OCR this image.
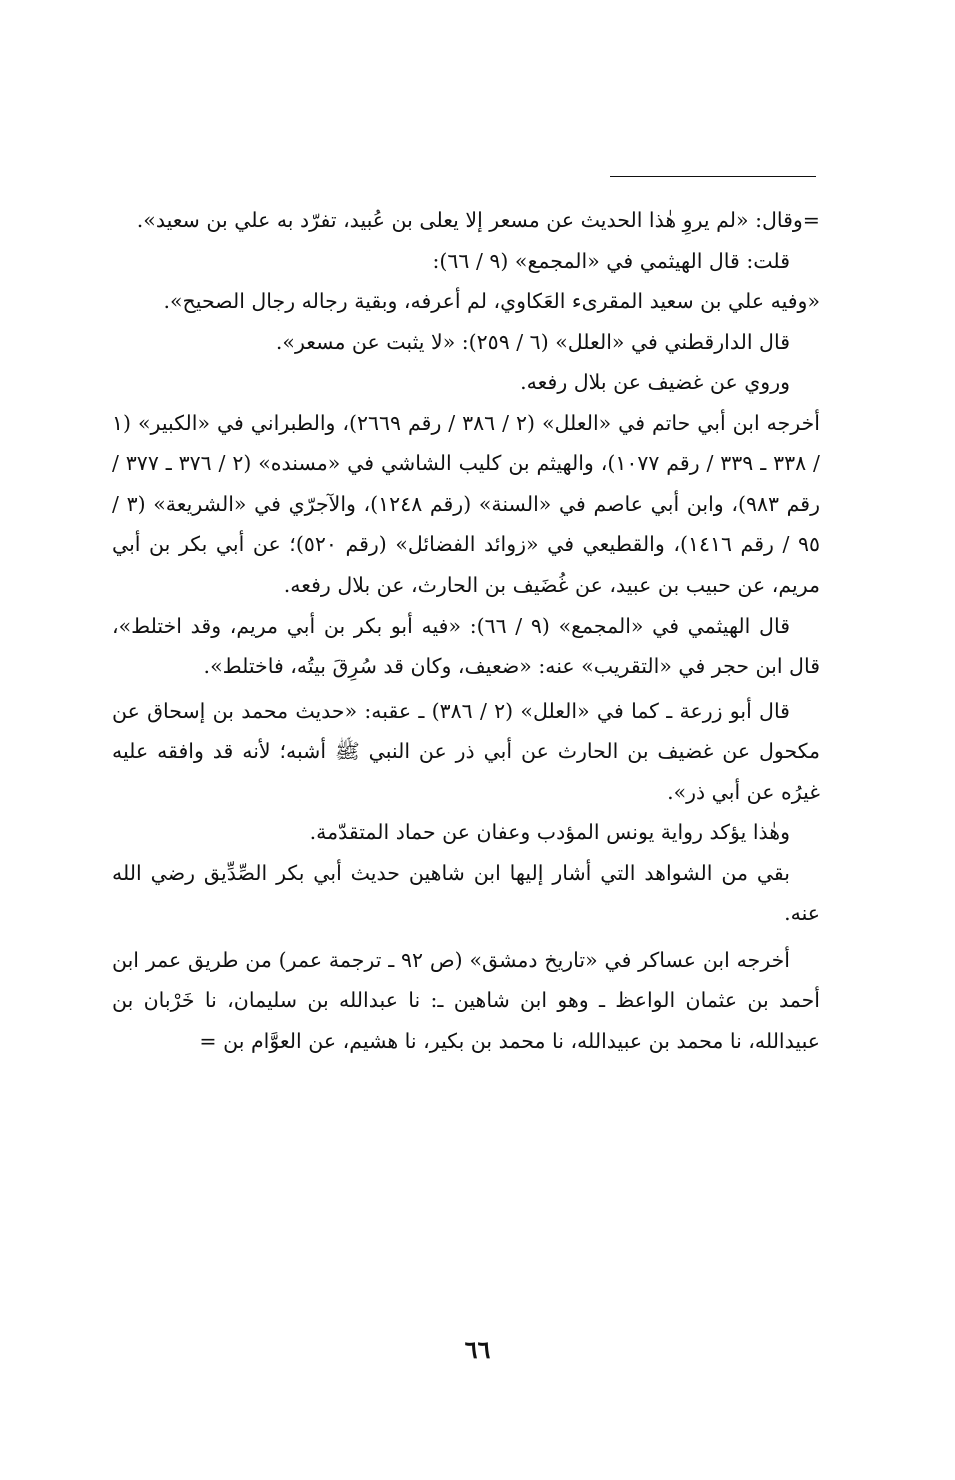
=وقال: «لم يروِ هٰذا الحديث عن مسعر إلا يعلى بن عُبيد، تفرّد به علي بن سعيد».

قلت: قال الهيثمي في «المجمع» (٩ / ٦٦):

«وفيه علي بن سعيد المقرىء العَكاوي، لم أعرفه، وبقية رجاله رجال الصحيح».

قال الدارقطني في «العلل» (٦ / ٢٥٩): «لا يثبت عن مسعر».

وروي عن غضيف عن بلال رفعه.

أخرجه ابن أبي حاتم في «العلل» (٢ / ٣٨٦ / رقم ٢٦٦٩)، والطبراني في «الكبير» (١ / ٣٣٨ ـ ٣٣٩ / رقم ١٠٧٧)، والهيثم بن كليب الشاشي في «مسنده» (٢ / ٣٧٦ ـ ٣٧٧ / رقم ٩٨٣)، وابن أبي عاصم في «السنة» (رقم ١٢٤٨)، والآجرّي في «الشريعة» (٣ / ٩٥ / رقم ١٤١٦)، والقطيعي في «زوائد الفضائل» (رقم ٥٢٠)؛ عن أبي بكر بن أبي مريم، عن حبيب بن عبيد، عن غُضَيف بن الحارث، عن بلال رفعه.

قال الهيثمي في «المجمع» (٩ / ٦٦): «فيه أبو بكر بن أبي مريم، وقد اختلط»، قال ابن حجر في «التقريب» عنه: «ضعيف، وكان قد سُرِقَ بيتُه، فاختلط».

قال أبو زرعة ـ كما في «العلل» (٢ / ٣٨٦) ـ عقبه: «حديث محمد بن إسحاق عن مكحول عن غضيف بن الحارث عن أبي ذر عن النبي ﷺ أشبه؛ لأنه قد وافقه عليه غيرُه عن أبي ذر».

وهٰذا يؤكد رواية يونس المؤدب وعفان عن حماد المتقدّمة.

بقي من الشواهد التي أشار إليها ابن شاهين حديث أبي بكر الصِّدِّيق رضي الله عنه.

أخرجه ابن عساكر في «تاريخ دمشق» (ص ٩٢ ـ ترجمة عمر) من طريق عمر ابن أحمد بن عثمان الواعظ ـ وهو ابن شاهين ـ: نا عبدالله بن سليمان، نا خَرْبان بن عبيدالله، نا محمد بن عبيدالله، نا محمد بن بكير، نا هشيم، عن العوَّام بن =

٦٦
